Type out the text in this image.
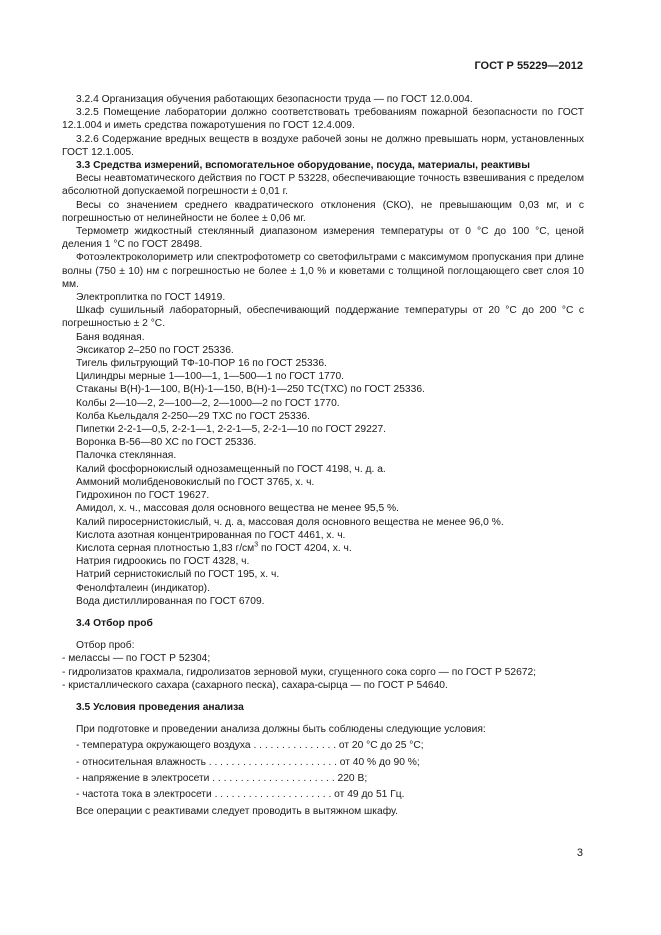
ГОСТ Р 55229—2012

3.2.4 Организация обучения работающих безопасности труда — по ГОСТ 12.0.004.

3.2.5 Помещение лаборатории должно соответствовать требованиям пожарной безопасности по ГОСТ 12.1.004 и иметь средства пожаротушения по ГОСТ 12.4.009.

3.2.6 Содержание вредных веществ в воздухе рабочей зоны не должно превышать норм, установленных ГОСТ 12.1.005.

3.3 Средства измерений, вспомогательное оборудование, посуда, материалы, реактивы

Весы неавтоматического действия по ГОСТ Р 53228, обеспечивающие точность взвешивания с пределом абсолютной допускаемой погрешности ± 0,01 г.

Весы со значением среднего квадратического отклонения (СКО), не превышающим 0,03 мг, и с погрешностью от нелинейности не более ± 0,06 мг.

Термометр жидкостный стеклянный диапазоном измерения температуры от 0 °С до 100 °С, ценой деления 1 °С по ГОСТ 28498.

Фотоэлектроколориметр или спектрофотометр со светофильтрами с максимумом пропускания при длине волны (750 ± 10) нм с погрешностью не более ± 1,0 % и кюветами с толщиной поглощающего свет слоя 10 мм.

Электроплитка по ГОСТ 14919.

Шкаф сушильный лабораторный, обеспечивающий поддержание температуры от 20 °С до 200 °С с погрешностью ± 2 °С.

Баня водяная.

Эксикатор 2–250 по ГОСТ 25336.

Тигель фильтрующий ТФ-10-ПОР 16 по ГОСТ 25336.

Цилиндры мерные 1—100—1, 1—500—1 по ГОСТ 1770.

Стаканы В(Н)-1—100, В(Н)-1—150, В(Н)-1—250 ТС(ТХС) по ГОСТ 25336.

Колбы 2—10—2, 2—100—2, 2—1000—2 по ГОСТ 1770.

Колба Кьельдаля 2-250—29 ТХС по ГОСТ 25336.

Пипетки 2-2-1—0,5, 2-2-1—1, 2-2-1—5, 2-2-1—10 по ГОСТ 29227.

Воронка В-56—80 ХС по ГОСТ 25336.

Палочка стеклянная.

Калий фосфорнокислый однозамещенный по ГОСТ 4198, ч. д. а.

Аммоний молибденовокислый по ГОСТ 3765, х. ч.

Гидрохинон по ГОСТ 19627.

Амидол, х. ч., массовая доля основного вещества не менее 95,5 %.

Калий пиросернистокислый, ч. д. а, массовая доля основного вещества не менее 96,0 %.

Кислота азотная концентрированная по ГОСТ 4461, х. ч.

Кислота серная плотностью 1,83 $г/см^3$ по ГОСТ 4204, х. ч.

Натрия гидроокись по ГОСТ 4328, ч.

Натрий сернистокислый по ГОСТ 195, х. ч.

Фенолфталеин (индикатор).

Вода дистиллированная по ГОСТ 6709.

3.4 Отбор проб

Отбор проб:

- мелассы — по ГОСТ Р 52304;

- гидролизатов крахмала, гидролизатов зерновой муки, сгущенного сока сорго — по ГОСТ Р 52672;

- кристаллического сахара (сахарного песка), сахара-сырца — по ГОСТ Р 54640.

3.5 Условия проведения анализа

При подготовке и проведении анализа должны быть соблюдены следующие условия:

- температура окружающего воздуха . . . . . . . . . . . . . . . от 20 °С до 25 °С;

- относительная влажность . . . . . . . . . . . . . . . . . . . . . . . от 40 % до 90 %;

- напряжение в электросети . . . . . . . . . . . . . . . . . . . . . . 220 В;

- частота тока в электросети . . . . . . . . . . . . . . . . . . . . . от 49 до 51 Гц.

Все операции с реактивами следует проводить в вытяжном шкафу.

3
